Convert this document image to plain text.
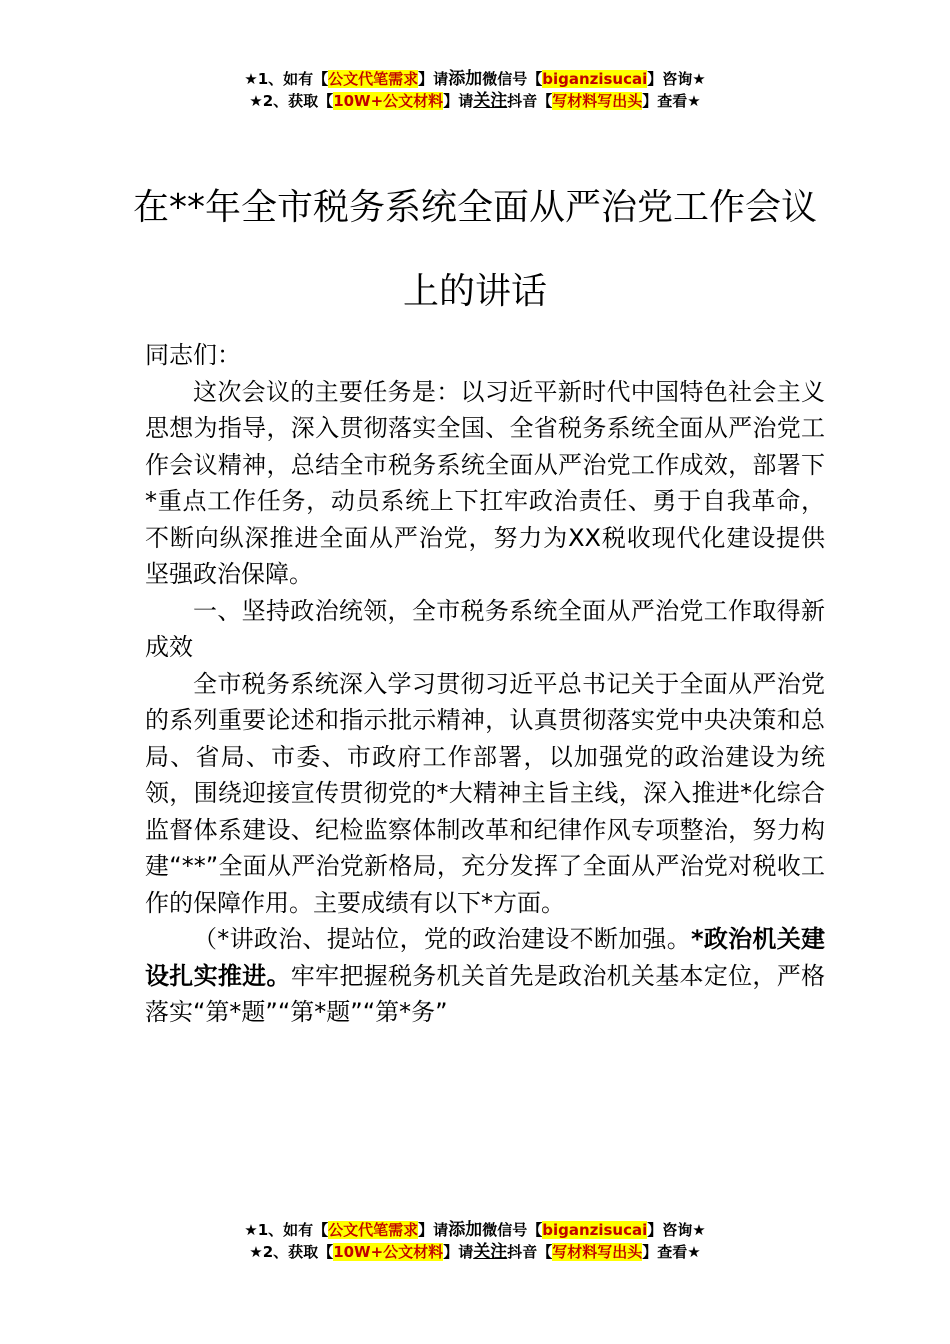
★1、如有【公文代笔需求】请添加微信号【biganzisucai】咨询★
★2、获取【10W+公文材料】请关注抖音【写材料写出头】查看★
在**年全市税务系统全面从严治党工作会议上的讲话

同志们：

这次会议的主要任务是：以习近平新时代中国特色社会主义思想为指导，深入贯彻落实全国、全省税务系统全面从严治党工作会议精神，总结全市税务系统全面从严治党工作成效，部署下*重点工作任务，动员系统上下扛牢政治责任、勇于自我革命，不断向纵深推进全面从严治党，努力为XX税收现代化建设提供坚强政治保障。

一、坚持政治统领，全市税务系统全面从严治党工作取得新成效

全市税务系统深入学习贯彻习近平总书记关于全面从严治党的系列重要论述和指示批示精神，认真贯彻落实党中央决策和总局、省局、市委、市政府工作部署，以加强党的政治建设为统领，围绕迎接宣传贯彻党的*大精神主旨主线，深入推进*化综合监督体系建设、纪检监察体制改革和纪律作风专项整治，努力构建“**”全面从严治党新格局，充分发挥了全面从严治党对税收工作的保障作用。主要成绩有以下*方面。

（*讲政治、提站位，党的政治建设不断加强。*政治机关建设扎实推进。牢牢把握税务机关首先是政治机关基本定位，严格落实“第*题”“第*题”“第*务”

★1、如有【公文代笔需求】请添加微信号【biganzisucai】咨询★
★2、获取【10W+公文材料】请关注抖音【写材料写出头】查看★
